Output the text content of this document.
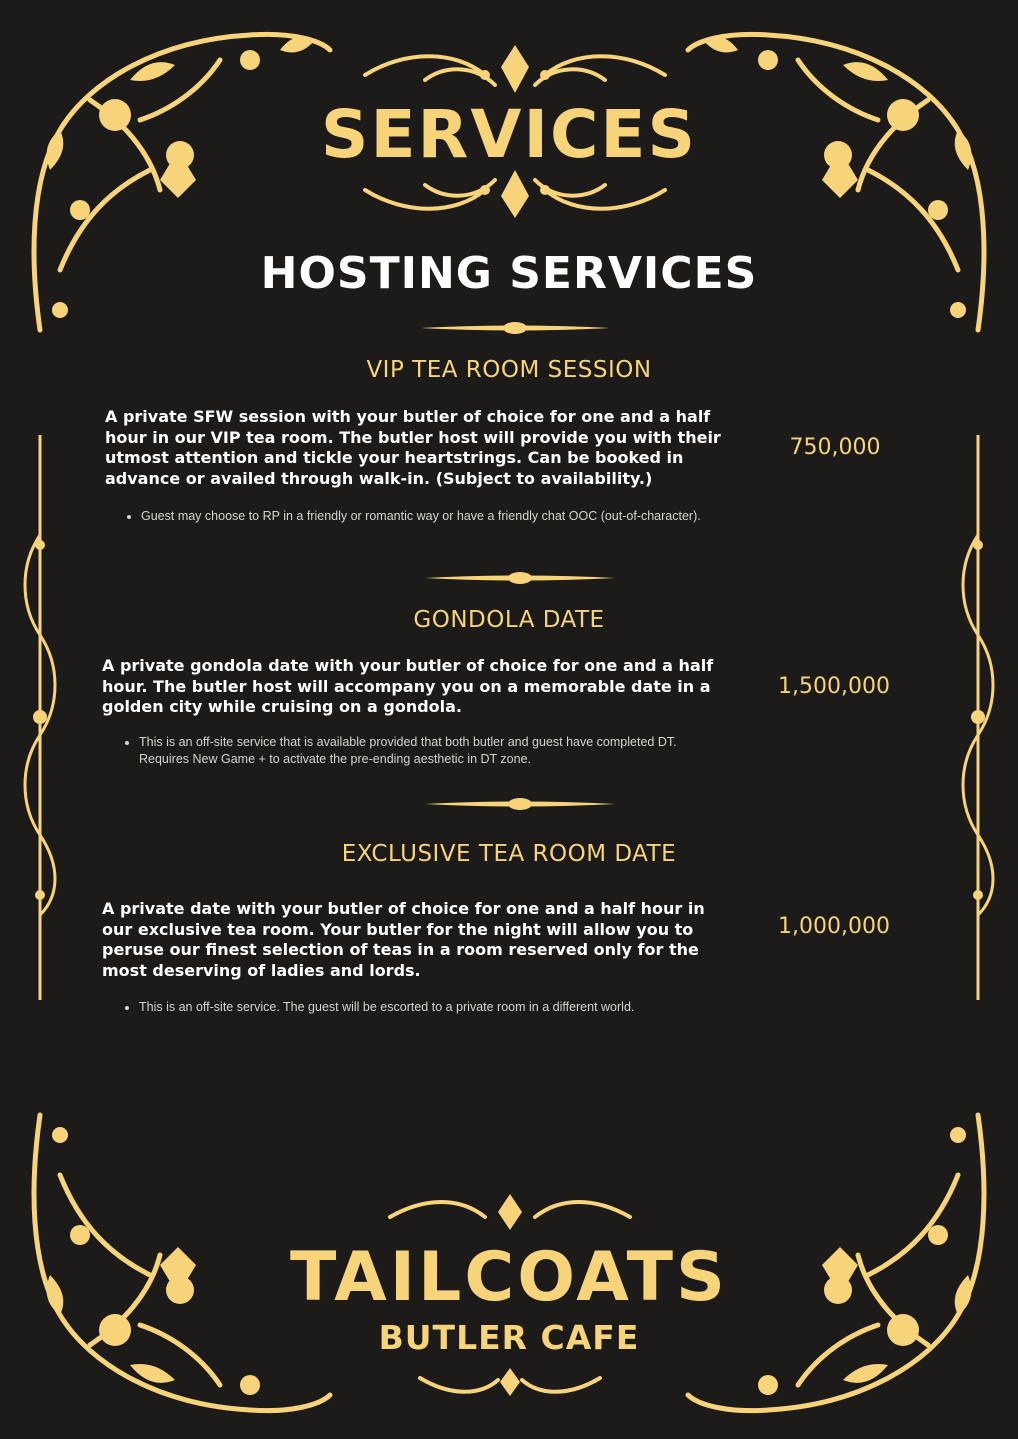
SERVICES
HOSTING SERVICES
VIP TEA ROOM SESSION
A private SFW session with your butler of choice for one and a half hour in our VIP tea room. The butler host will provide you with their utmost attention and tickle your heartstrings. Can be booked in advance or availed through walk-in. (Subject to availability.)
750,000
• Guest may choose to RP in a friendly or romantic way or have a friendly chat OOC (out-of-character).
GONDOLA DATE
A private gondola date with your butler of choice for one and a half hour. The butler host will accompany you on a memorable date in a golden city while cruising on a gondola.
1,500,000
• This is an off-site service that is available provided that both butler and guest have completed DT. Requires New Game + to activate the pre-ending aesthetic in DT zone.
EXCLUSIVE TEA ROOM DATE
A private date with your butler of choice for one and a half hour in our exclusive tea room. Your butler for the night will allow you to peruse our finest selection of teas in a room reserved only for the most deserving of ladies and lords.
1,000,000
• This is an off-site service. The guest will be escorted to a private room in a different world.
TAILCOATS
BUTLER CAFE
